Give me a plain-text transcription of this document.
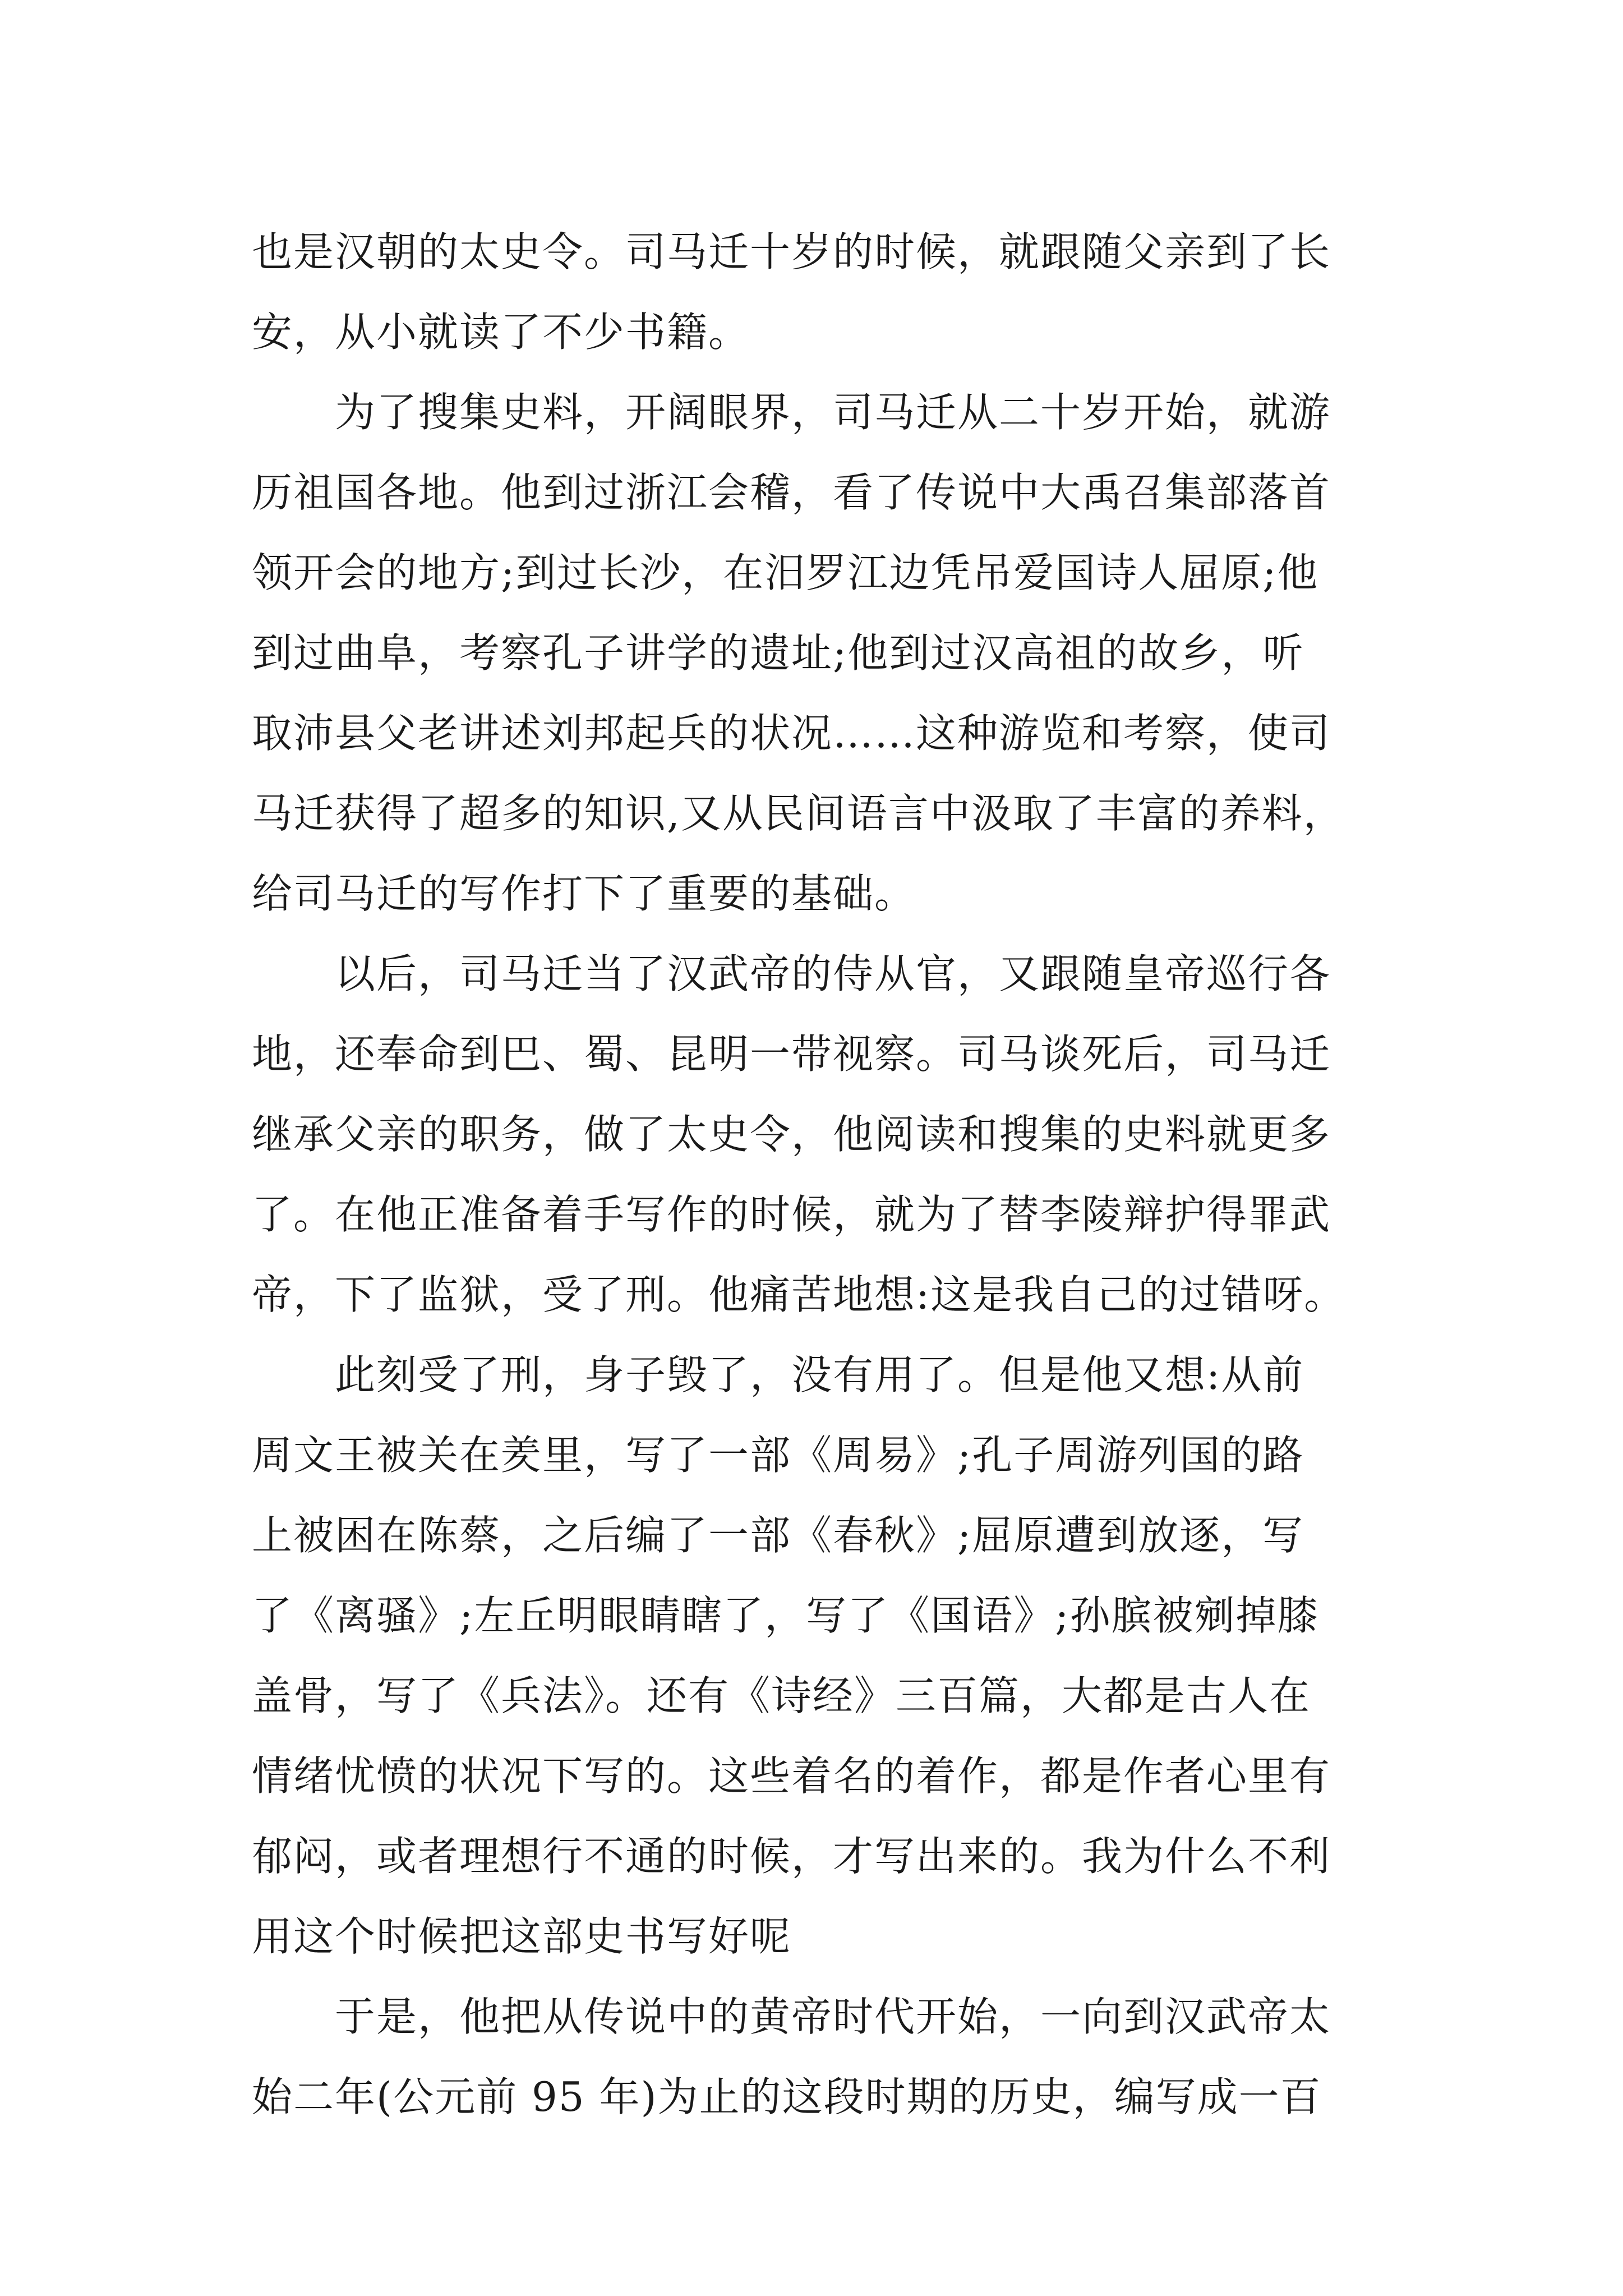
也是汉朝的太史令。司马迁十岁的时候，就跟随父亲到了长
安，从小就读了不少书籍。
为了搜集史料，开阔眼界，司马迁从二十岁开始，就游
历祖国各地。他到过浙江会稽，看了传说中大禹召集部落首
领开会的地方;到过长沙，在汨罗江边凭吊爱国诗人屈原;他
到过曲阜，考察孔子讲学的遗址;他到过汉高祖的故乡，听
取沛县父老讲述刘邦起兵的状况……这种游览和考察，使司
马迁获得了超多的知识,又从民间语言中汲取了丰富的养料，
给司马迁的写作打下了重要的基础。
以后，司马迁当了汉武帝的侍从官，又跟随皇帝巡行各
地，还奉命到巴、蜀、昆明一带视察。司马谈死后，司马迁
继承父亲的职务，做了太史令，他阅读和搜集的史料就更多
了。在他正准备着手写作的时候，就为了替李陵辩护得罪武
帝，下了监狱，受了刑。他痛苦地想:这是我自己的过错呀。
此刻受了刑，身子毁了，没有用了。但是他又想:从前
周文王被关在羑里，写了一部《周易》;孔子周游列国的路
上被困在陈蔡，之后编了一部《春秋》;屈原遭到放逐，写
了《离骚》;左丘明眼睛瞎了，写了《国语》;孙膑被剜掉膝
盖骨，写了《兵法》。还有《诗经》三百篇，大都是古人在
情绪忧愤的状况下写的。这些着名的着作，都是作者心里有
郁闷，或者理想行不通的时候，才写出来的。我为什么不利
用这个时候把这部史书写好呢
于是，他把从传说中的黄帝时代开始，一向到汉武帝太
始二年(公元前 95 年)为止的这段时期的历史，编写成一百
